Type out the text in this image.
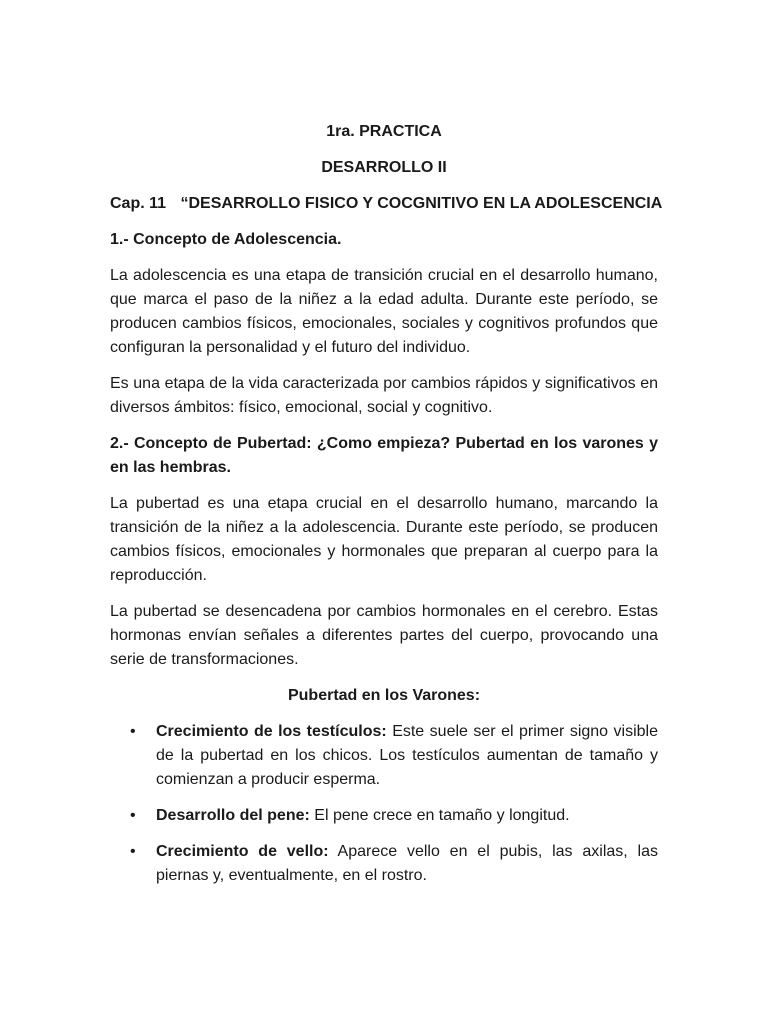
1ra. PRACTICA
DESARROLLO II
Cap. 11 “DESARROLLO FISICO Y COCGNITIVO EN LA ADOLESCENCIA
1.- Concepto de Adolescencia.

La adolescencia es una etapa de transición crucial en el desarrollo humano, que marca el paso de la niñez a la edad adulta. Durante este período, se producen cambios físicos, emocionales, sociales y cognitivos profundos que configuran la personalidad y el futuro del individuo.

Es una etapa de la vida caracterizada por cambios rápidos y significativos en diversos ámbitos: físico, emocional, social y cognitivo.

2.- Concepto de Pubertad: ¿Como empieza? Pubertad en los varones y en las hembras.

La pubertad es una etapa crucial en el desarrollo humano, marcando la transición de la niñez a la adolescencia. Durante este período, se producen cambios físicos, emocionales y hormonales que preparan al cuerpo para la reproducción.

La pubertad se desencadena por cambios hormonales en el cerebro. Estas hormonas envían señales a diferentes partes del cuerpo, provocando una serie de transformaciones.

Pubertad en los Varones:
• Crecimiento de los testículos: Este suele ser el primer signo visible de la pubertad en los chicos. Los testículos aumentan de tamaño y comienzan a producir esperma.
• Desarrollo del pene: El pene crece en tamaño y longitud.
• Crecimiento de vello: Aparece vello en el pubis, las axilas, las piernas y, eventualmente, en el rostro.
